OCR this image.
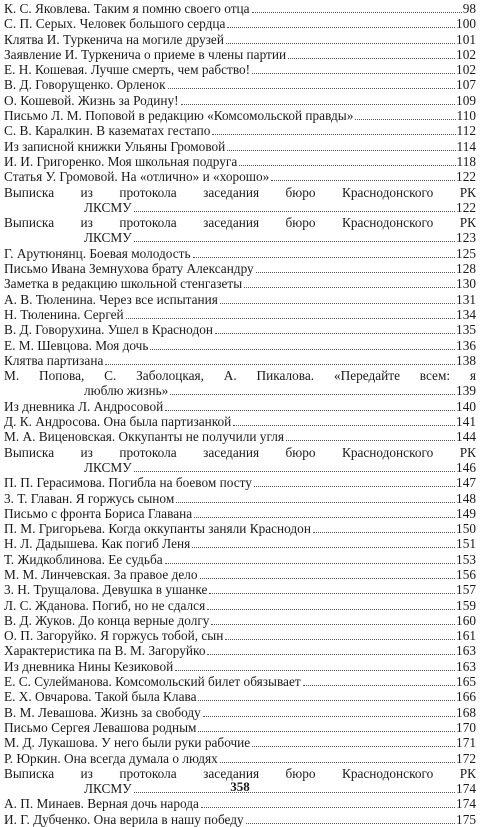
К. С. Яковлева. Таким я помню своего отца	98
С. П. Серых. Человек большого сердца	100
Клятва И. Туркенича на могиле друзей	101
Заявление И. Туркенича о приеме в члены партии	102
Е. Н. Кошевая. Лучше смерть, чем рабство!	102
В. Д. Говорущенко. Орленок	107
О. Кошевой. Жизнь за Родину!	109
Письмо Л. М. Поповой в редакцию «Комсомольской правды»	110
С. В. Каралкин. В казематах гестапо	112
Из записной книжки Ульяны Громовой	114
И. И. Григоренко. Моя школьная подруга	118
Статья У. Громовой. На «отлично» и «хорошо»	122
Выписка из протокола заседания бюро Краснодонского РК
ЛКСМУ	122
Выписка из протокола заседания бюро Краснодонского РК
ЛКСМУ	123
Г. Арутюнянц. Боевая молодость	125
Письмо Ивана Земнухова брату Александру	128
Заметка в редакцию школьной стенгазеты	130
А. В. Тюленина. Через все испытания	131
Н. Тюленина. Сергей	134
В. Д. Говорухина. Ушел в Краснодон	135
Е. М. Шевцова. Моя дочь	136
Клятва партизана	138
М. Попова, С. Заболоцкая, А. Пикалова. «Передайте всем: я
люблю жизнь»	139
Из дневника Л. Андросовой	140
Д. К. Андросова. Она была партизанкой	141
М. А. Виценовская. Оккупанты не получили угля	144
Выписка из протокола заседания бюро Краснодонского РК
ЛКСМУ	146
П. П. Герасимова. Погибла на боевом посту	147
3. Т. Главан. Я горжусь сыном	148
Письмо с фронта Бориса Главана	149
П. М. Григорьева. Когда оккупанты заняли Краснодон	150
Н. Л. Дадышева. Как погиб Леня	151
Т. Жидкоблинова. Ее судьба	153
М. М. Линчевская. За правое дело	156
3. Н. Трущалова. Девушка в ушанке	157
Л. С. Жданова. Погиб, но не сдался	159
В. Д. Жуков. До конца верные долгу	160
О. П. Загоруйко. Я горжусь тобой, сын	161
Характеристика па В. М. Загоруйко	163
Из дневника Нины Кезиковой	163
Е. С. Сулейманова. Комсомольский билет обязывает	165
Е. Х. Овчарова. Такой была Клава	166
В. М. Левашова. Жизнь за свободу	168
Письмо Сергея Левашова родным	170
М. Д. Лукашова. У него были руки рабочие	171
Р. Юркин. Она всегда думала о людях	172
Выписка из протокола заседания бюро Краснодонского РК
ЛКСМУ	174
А. П. Минаев. Верная дочь народа	174
И. Г. Дубченко. Она верила в нашу победу	175
358
